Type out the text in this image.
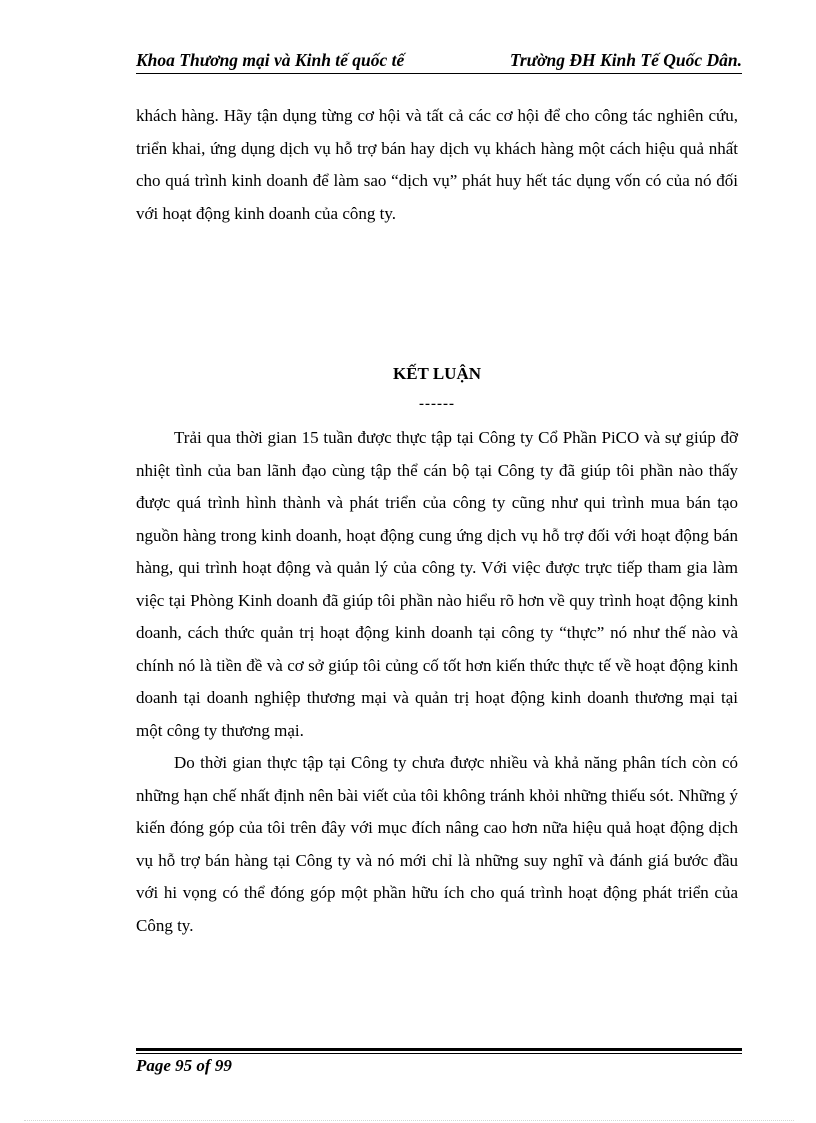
Khoa Thương mại và Kinh tế quốc tế	Trường ĐH Kinh Tế Quốc Dân.

khách hàng. Hãy tận dụng từng cơ hội và tất cả các cơ hội để cho công tác nghiên cứu, triển khai, ứng dụng dịch vụ hỗ trợ bán hay dịch vụ khách hàng một cách hiệu quả nhất cho quá trình kinh doanh để làm sao “dịch vụ” phát huy hết tác dụng vốn có của nó đối với hoạt động kinh doanh của công ty.

KẾT LUẬN
------

Trải qua thời gian 15 tuần được thực tập tại Công ty Cổ Phần PiCO và sự giúp đỡ nhiệt tình của ban lãnh đạo cùng tập thể cán bộ tại Công ty đã giúp tôi phần nào thấy được quá trình hình thành và phát triển của công ty cũng như qui trình mua bán tạo nguồn hàng trong kinh doanh, hoạt động cung ứng dịch vụ hỗ trợ đối với hoạt động bán hàng, qui trình hoạt động và quản lý của công ty. Với việc được trực tiếp tham gia làm việc tại Phòng Kinh doanh đã giúp tôi phần nào hiểu rõ hơn về quy trình hoạt động kinh doanh, cách thức quản trị hoạt động kinh doanh tại công ty “thực” nó như thế nào và chính nó là tiền đề và cơ sở giúp tôi củng cố tốt hơn kiến thức thực tế về hoạt động kinh doanh tại doanh nghiệp thương mại và quản trị hoạt động kinh doanh thương mại tại một công ty thương mại.

Do thời gian thực tập tại Công ty chưa được nhiều và khả năng phân tích còn có những hạn chế nhất định nên bài viết của tôi không tránh khỏi những thiếu sót. Những ý kiến đóng góp của tôi trên đây với mục đích nâng cao hơn nữa hiệu quả hoạt động dịch vụ hỗ trợ bán hàng tại Công ty và nó mới chỉ là những suy nghĩ và đánh giá bước đầu với hi vọng có thể đóng góp một phần hữu ích cho quá trình hoạt động phát triển của Công ty.

Page 95 of 99
